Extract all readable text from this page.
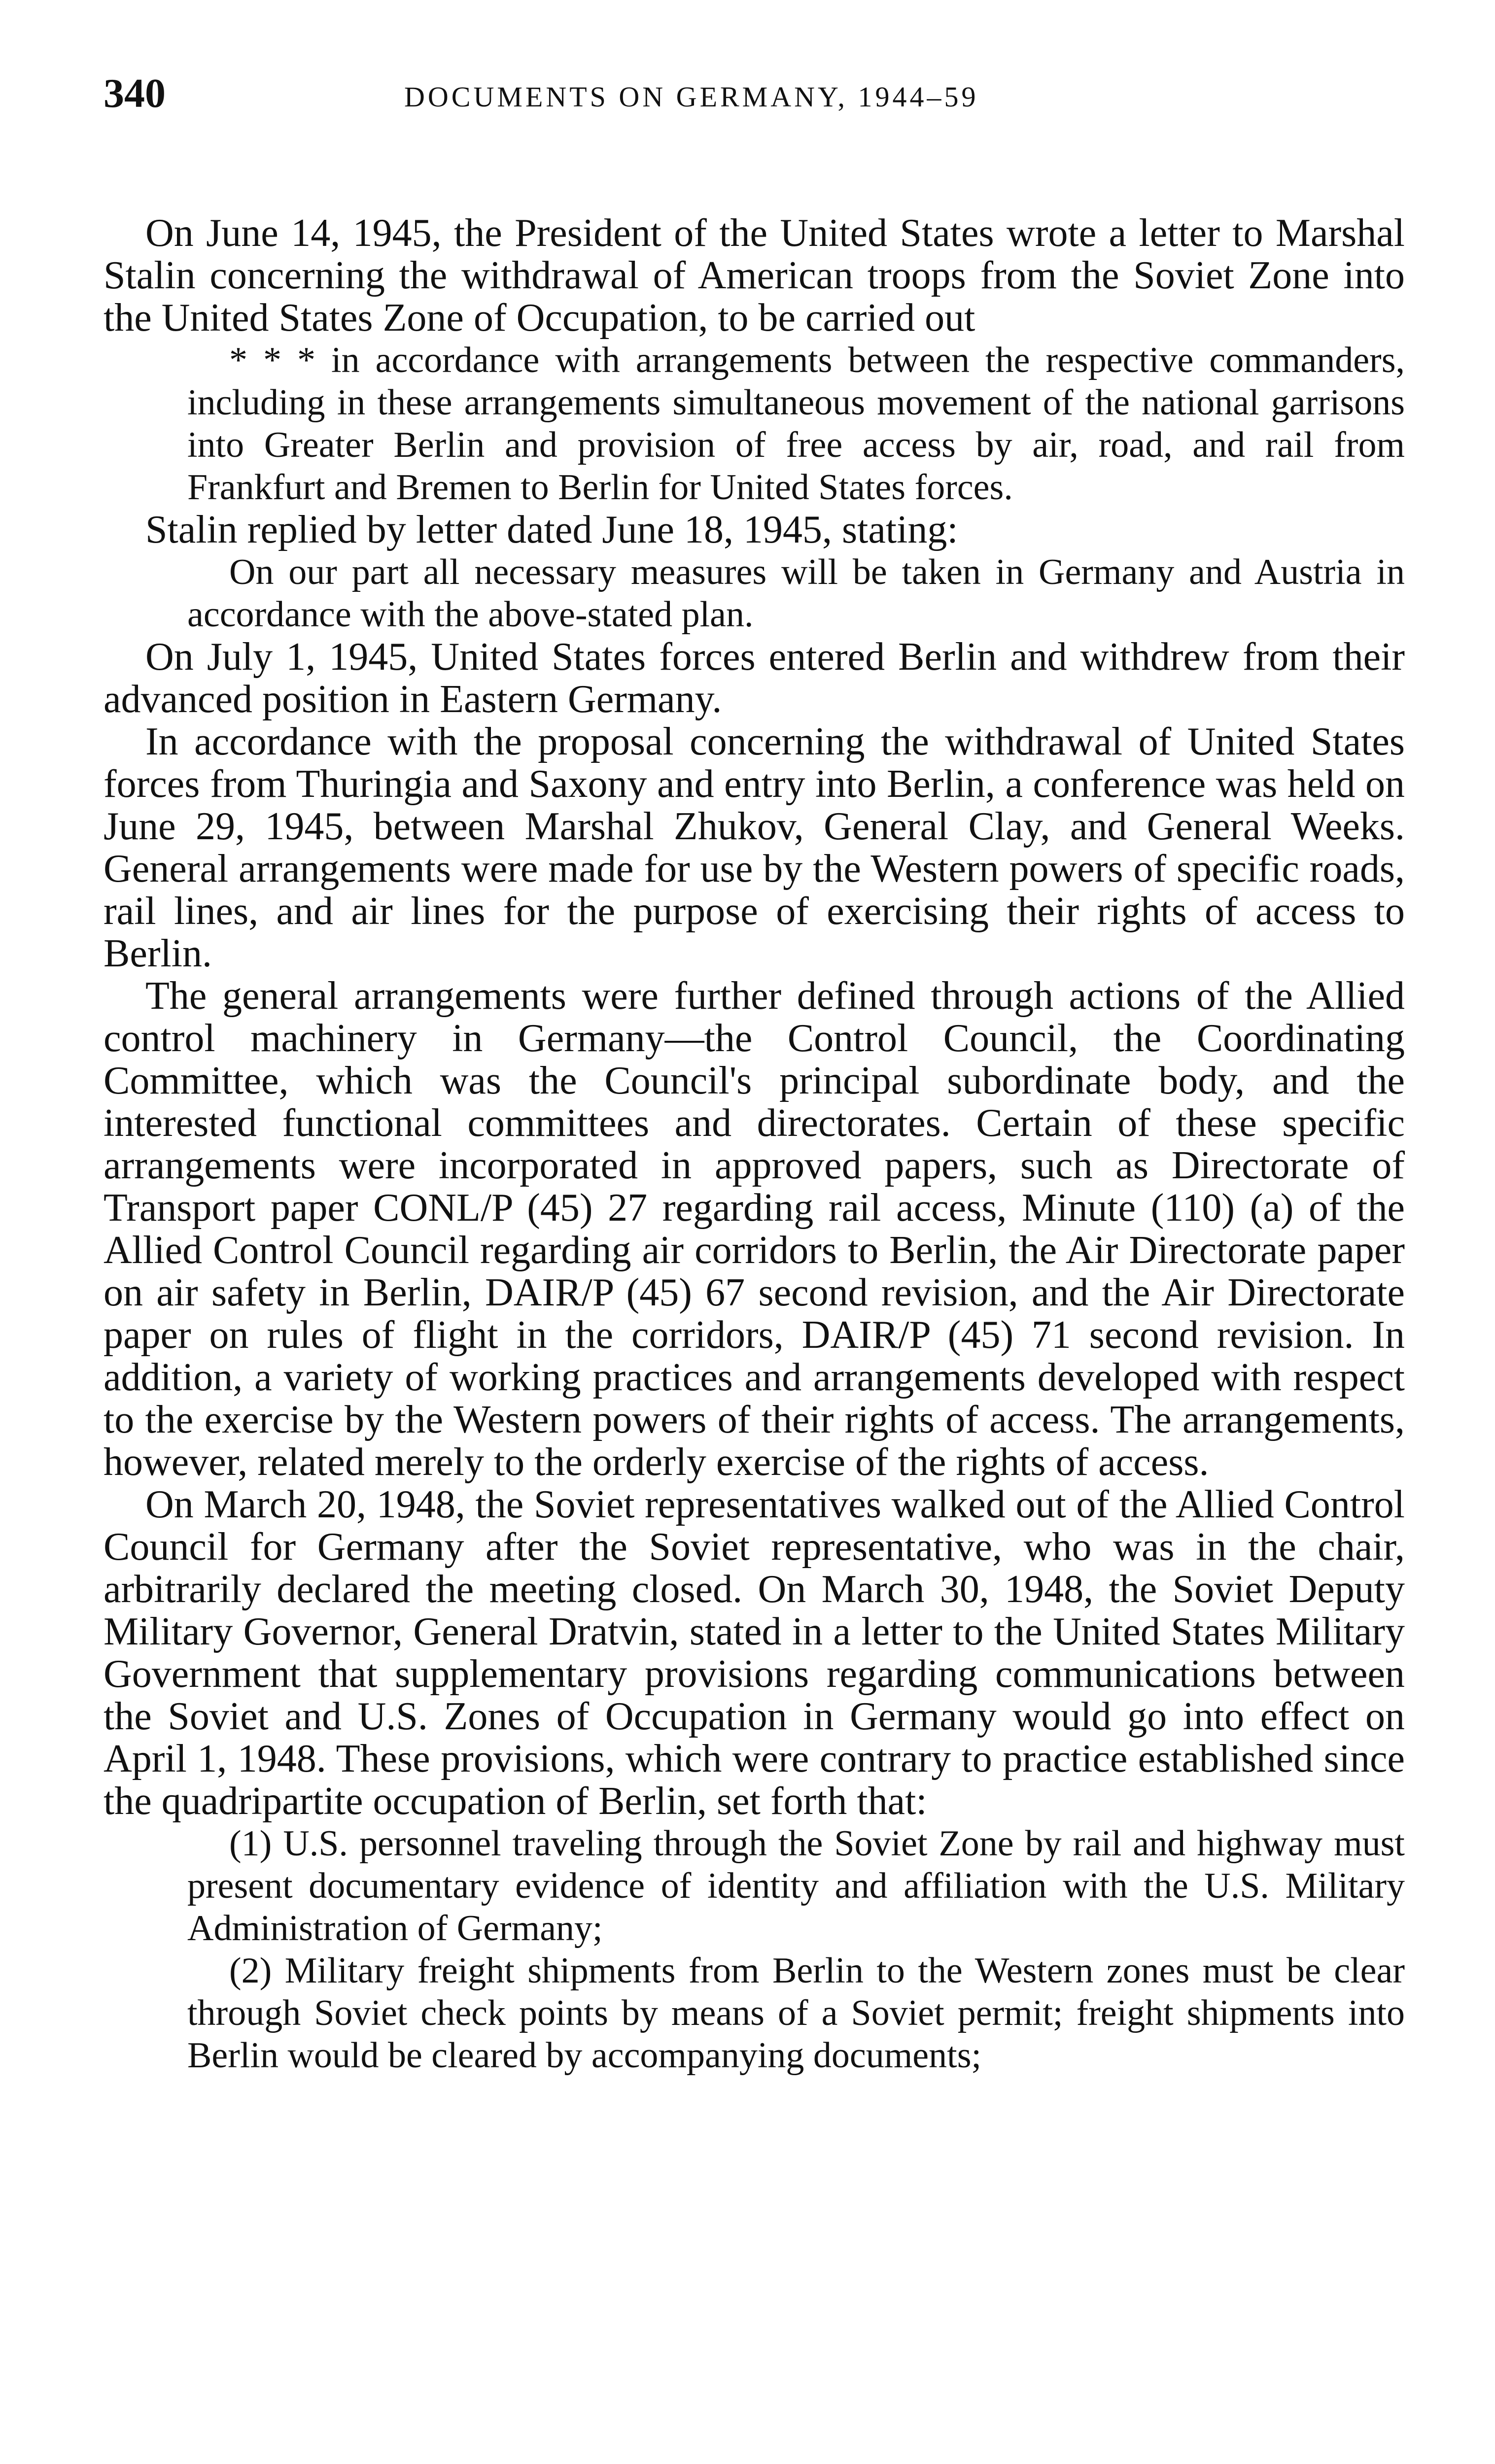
340	DOCUMENTS ON GERMANY, 1944–59

On June 14, 1945, the President of the United States wrote a letter to Marshal Stalin concerning the withdrawal of American troops from the Soviet Zone into the United States Zone of Occupation, to be carried out

* * * in accordance with arrangements between the respective commanders, including in these arrangements simultaneous movement of the national garrisons into Greater Berlin and provision of free access by air, road, and rail from Frankfurt and Bremen to Berlin for United States forces.

Stalin replied by letter dated June 18, 1945, stating:

On our part all necessary measures will be taken in Germany and Austria in accordance with the above-stated plan.

On July 1, 1945, United States forces entered Berlin and withdrew from their advanced position in Eastern Germany.

In accordance with the proposal concerning the withdrawal of United States forces from Thuringia and Saxony and entry into Berlin, a conference was held on June 29, 1945, between Marshal Zhukov, General Clay, and General Weeks. General arrangements were made for use by the Western powers of specific roads, rail lines, and air lines for the purpose of exercising their rights of access to Berlin.

The general arrangements were further defined through actions of the Allied control machinery in Germany—the Control Council, the Coordinating Committee, which was the Council's principal subordinate body, and the interested functional committees and directorates. Certain of these specific arrangements were incorporated in approved papers, such as Directorate of Transport paper CONL/P (45) 27 regarding rail access, Minute (110) (a) of the Allied Control Council regarding air corridors to Berlin, the Air Directorate paper on air safety in Berlin, DAIR/P (45) 67 second revision, and the Air Directorate paper on rules of flight in the corridors, DAIR/P (45) 71 second revision. In addition, a variety of working practices and arrangements developed with respect to the exercise by the Western powers of their rights of access. The arrangements, however, related merely to the orderly exercise of the rights of access.

On March 20, 1948, the Soviet representatives walked out of the Allied Control Council for Germany after the Soviet representative, who was in the chair, arbitrarily declared the meeting closed. On March 30, 1948, the Soviet Deputy Military Governor, General Dratvin, stated in a letter to the United States Military Government that supplementary provisions regarding communications between the Soviet and U.S. Zones of Occupation in Germany would go into effect on April 1, 1948. These provisions, which were contrary to practice established since the quadripartite occupation of Berlin, set forth that:

(1) U.S. personnel traveling through the Soviet Zone by rail and highway must present documentary evidence of identity and affiliation with the U.S. Military Administration of Germany;

(2) Military freight shipments from Berlin to the Western zones must be clear through Soviet check points by means of a Soviet permit; freight shipments into Berlin would be cleared by accompanying documents;
